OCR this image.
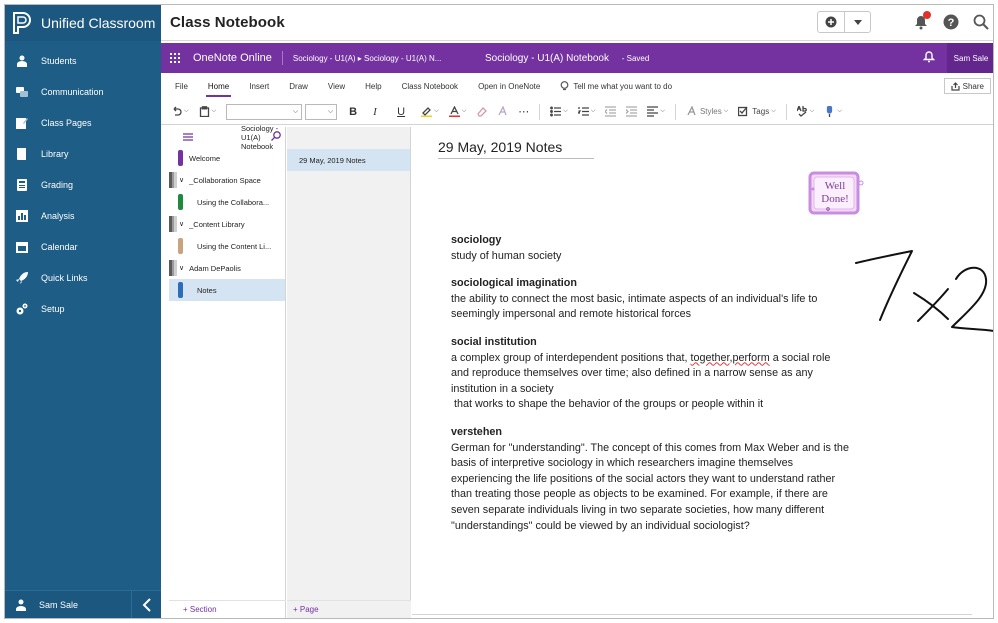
Unified Classroom
Students
Communication
Class Pages
Library
Grading
Analysis
Calendar
Quick Links
Setup
Sam Sale
Class Notebook	?
OneNote Online	Sociology - U1(A) ▸ Sociology - U1(A) N...	Sociology - U1(A) Notebook - Saved	Sam Sale
File	Home	Insert	Draw	View	Help	Class Notebook	Open in OneNote	Tell me what you want to do	Share
⌵	⌵	⌵	⌵ B	I	U	⌵	⌵	⋯	⌵	⌵	⌵	Styles ⌵	Tags ⌵	⌵	⌵
Sociology - U1(A) Notebook
Welcome
∨ _Collaboration Space
Using the Collabora...
∨ _Content Library
Using the Content Li...
∨ Adam DePaolis
Notes
+ Section
29 May, 2019 Notes
+ Page
29 May, 2019 Notes
Well
Done!
sociology
study of human society
sociological imagination
the ability to connect the most basic, intimate aspects of an individual's life to seemingly impersonal and remote historical forces
social institution
a complex group of interdependent positions that, together,perform a social role and reproduce themselves over time; also defined in a narrow sense as any institution in a society
that works to shape the behavior of the groups or people within it
verstehen
German for "understanding". The concept of this comes from Max Weber and is the basis of interpretive sociology in which researchers imagine themselves experiencing the life positions of the social actors they want to understand rather than treating those people as objects to be examined. For example, if there are seven separate individuals living in two separate societies, how many different "understandings" could be viewed by an individual sociologist?
